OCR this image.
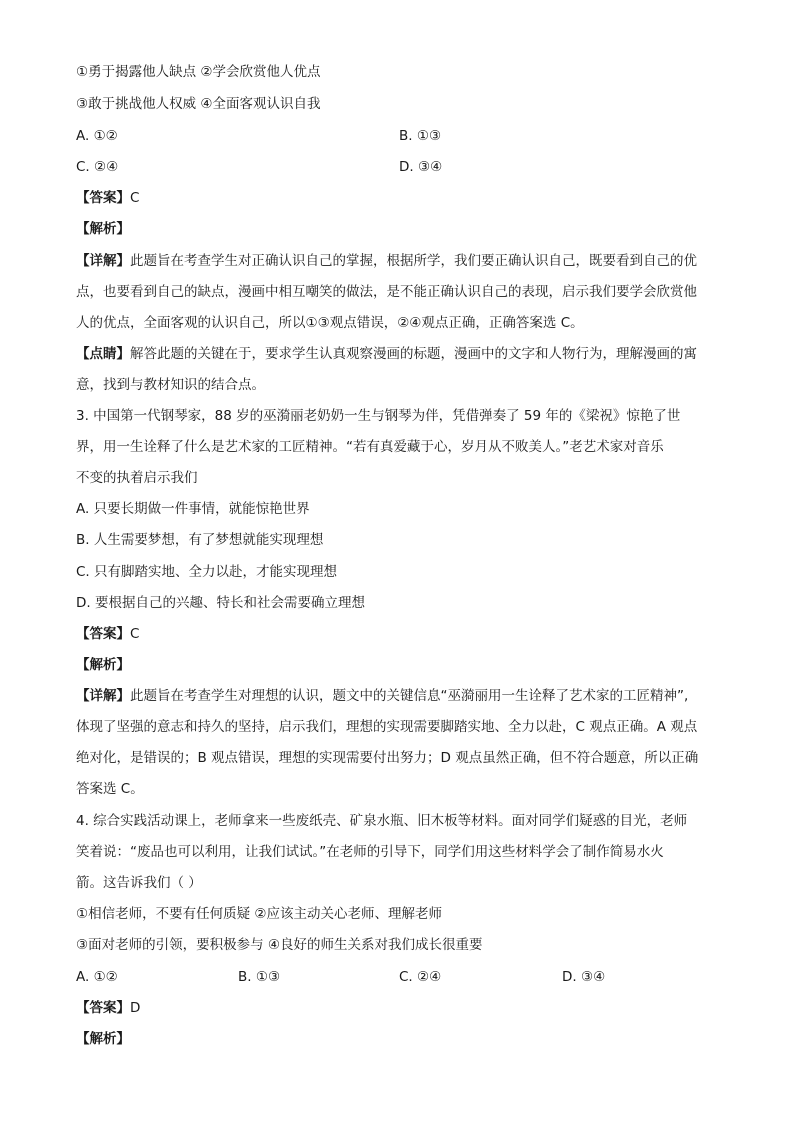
①勇于揭露他人缺点 ②学会欣赏他人优点
③敢于挑战他人权威 ④全面客观认识自我
A. ①②	B. ①③
C. ②④	D. ③④
【答案】C
【解析】
【详解】此题旨在考查学生对正确认识自己的掌握，根据所学，我们要正确认识自己，既要看到自己的优
点，也要看到自己的缺点，漫画中相互嘲笑的做法，是不能正确认识自己的表现，启示我们要学会欣赏他
人的优点，全面客观的认识自己，所以①③观点错误，②④观点正确，正确答案选 C。
【点睛】解答此题的关键在于，要求学生认真观察漫画的标题，漫画中的文字和人物行为，理解漫画的寓
意，找到与教材知识的结合点。
3. 中国第一代钢琴家，88 岁的巫漪丽老奶奶一生与钢琴为伴，凭借弹奏了 59 年的《梁祝》惊艳了世
界，用一生诠释了什么是艺术家的工匠精神。“若有真爱藏于心，岁月从不败美人。”老艺术家对音乐
不变的执着启示我们
A. 只要长期做一件事情，就能惊艳世界
B. 人生需要梦想，有了梦想就能实现理想
C. 只有脚踏实地、全力以赴，才能实现理想
D. 要根据自己的兴趣、特长和社会需要确立理想
【答案】C
【解析】
【详解】此题旨在考查学生对理想的认识，题文中的关键信息“巫漪丽用一生诠释了艺术家的工匠精神”,
体现了坚强的意志和持久的坚持，启示我们，理想的实现需要脚踏实地、全力以赴，C 观点正确。A 观点
绝对化，是错误的；B 观点错误，理想的实现需要付出努力；D 观点虽然正确，但不符合题意，所以正确
答案选 C。
4. 综合实践活动课上，老师拿来一些废纸壳、矿泉水瓶、旧木板等材料。面对同学们疑惑的目光，老师
笑着说：“废品也可以利用，让我们试试。”在老师的引导下，同学们用这些材料学会了制作简易水火
箭。这告诉我们（ ）
①相信老师，不要有任何质疑 ②应该主动关心老师、理解老师
③面对老师的引领，要积极参与 ④良好的师生关系对我们成长很重要
A. ①②	B. ①③	C. ②④	D. ③④
【答案】D
【解析】
